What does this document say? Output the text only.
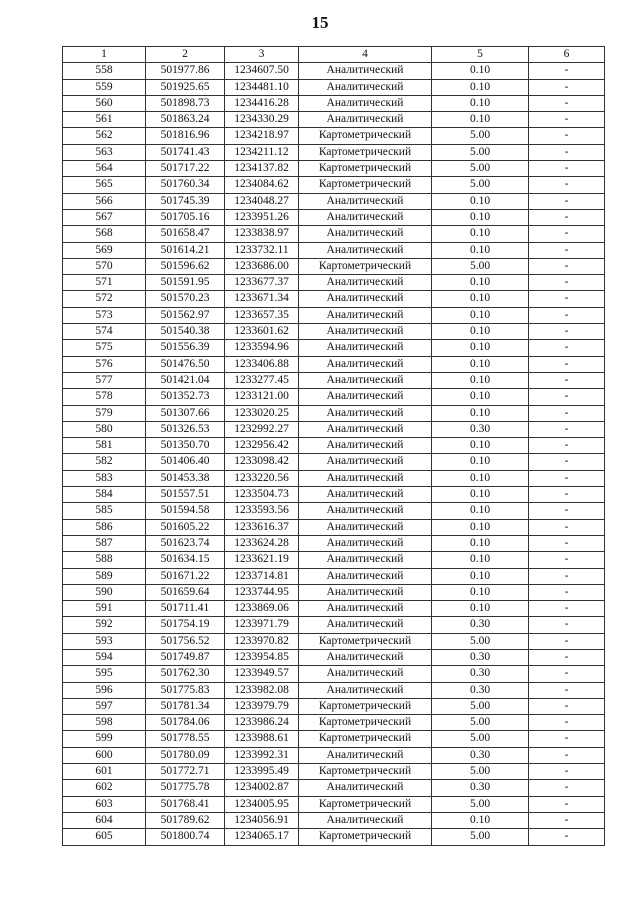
15
1	2	3	4	5	6
558	501977.86	1234607.50	Аналитический	0.10	-
559	501925.65	1234481.10	Аналитический	0.10	-
560	501898.73	1234416.28	Аналитический	0.10	-
561	501863.24	1234330.29	Аналитический	0.10	-
562	501816.96	1234218.97	Картометрический	5.00	-
563	501741.43	1234211.12	Картометрический	5.00	-
564	501717.22	1234137.82	Картометрический	5.00	-
565	501760.34	1234084.62	Картометрический	5.00	-
566	501745.39	1234048.27	Аналитический	0.10	-
567	501705.16	1233951.26	Аналитический	0.10	-
568	501658.47	1233838.97	Аналитический	0.10	-
569	501614.21	1233732.11	Аналитический	0.10	-
570	501596.62	1233686.00	Картометрический	5.00	-
571	501591.95	1233677.37	Аналитический	0.10	-
572	501570.23	1233671.34	Аналитический	0.10	-
573	501562.97	1233657.35	Аналитический	0.10	-
574	501540.38	1233601.62	Аналитический	0.10	-
575	501556.39	1233594.96	Аналитический	0.10	-
576	501476.50	1233406.88	Аналитический	0.10	-
577	501421.04	1233277.45	Аналитический	0.10	-
578	501352.73	1233121.00	Аналитический	0.10	-
579	501307.66	1233020.25	Аналитический	0.10	-
580	501326.53	1232992.27	Аналитический	0.30	-
581	501350.70	1232956.42	Аналитический	0.10	-
582	501406.40	1233098.42	Аналитический	0.10	-
583	501453.38	1233220.56	Аналитический	0.10	-
584	501557.51	1233504.73	Аналитический	0.10	-
585	501594.58	1233593.56	Аналитический	0.10	-
586	501605.22	1233616.37	Аналитический	0.10	-
587	501623.74	1233624.28	Аналитический	0.10	-
588	501634.15	1233621.19	Аналитический	0.10	-
589	501671.22	1233714.81	Аналитический	0.10	-
590	501659.64	1233744.95	Аналитический	0.10	-
591	501711.41	1233869.06	Аналитический	0.10	-
592	501754.19	1233971.79	Аналитический	0.30	-
593	501756.52	1233970.82	Картометрический	5.00	-
594	501749.87	1233954.85	Аналитический	0.30	-
595	501762.30	1233949.57	Аналитический	0.30	-
596	501775.83	1233982.08	Аналитический	0.30	-
597	501781.34	1233979.79	Картометрический	5.00	-
598	501784.06	1233986.24	Картометрический	5.00	-
599	501778.55	1233988.61	Картометрический	5.00	-
600	501780.09	1233992.31	Аналитический	0.30	-
601	501772.71	1233995.49	Картометрический	5.00	-
602	501775.78	1234002.87	Аналитический	0.30	-
603	501768.41	1234005.95	Картометрический	5.00	-
604	501789.62	1234056.91	Аналитический	0.10	-
605	501800.74	1234065.17	Картометрический	5.00	-
